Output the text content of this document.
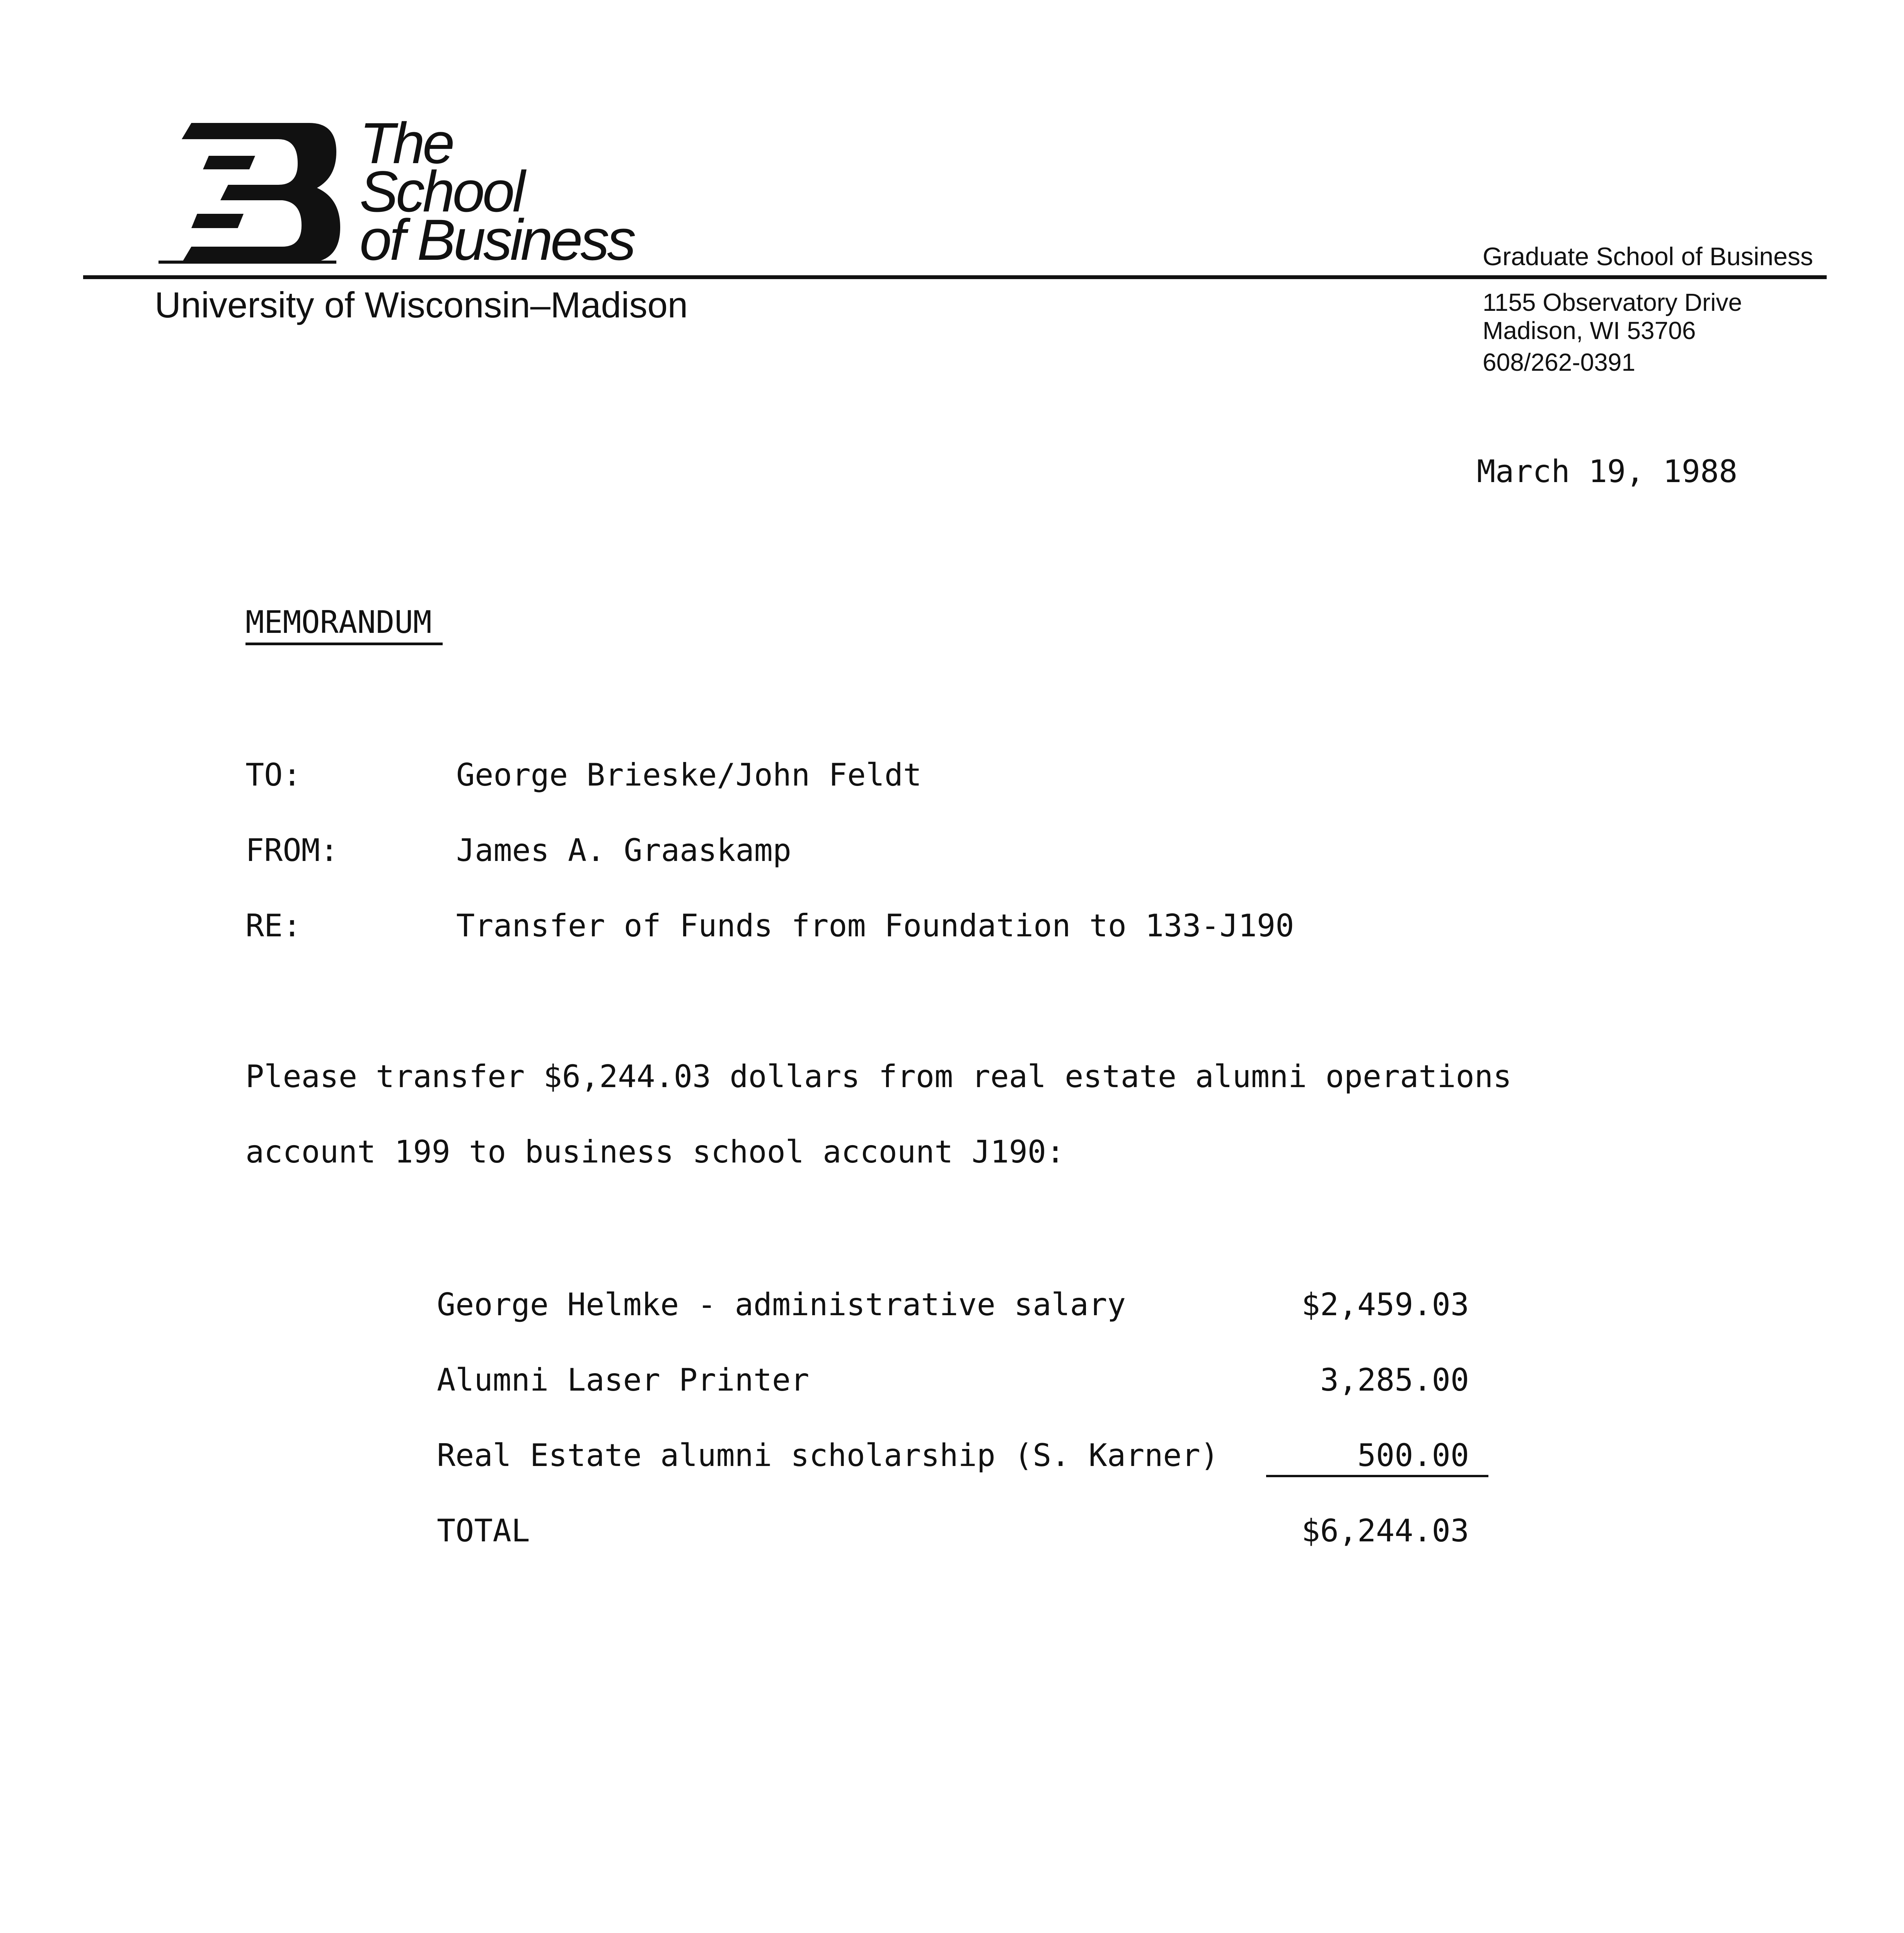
The
School
of Business
University of Wisconsin–Madison
Graduate School of Business
1155 Observatory Drive
Madison, WI 53706
608/262-0391
March 19, 1988
MEMORANDUM
TO:	George Brieske/John Feldt
FROM:	James A. Graaskamp
RE:	Transfer of Funds from Foundation to 133-J190
Please transfer $6,244.03 dollars from real estate alumni operations
account 199 to business school account J190:
George Helmke - administrative salary	$2,459.03
Alumni Laser Printer	3,285.00
Real Estate alumni scholarship (S. Karner)	500.00
TOTAL	$6,244.03
